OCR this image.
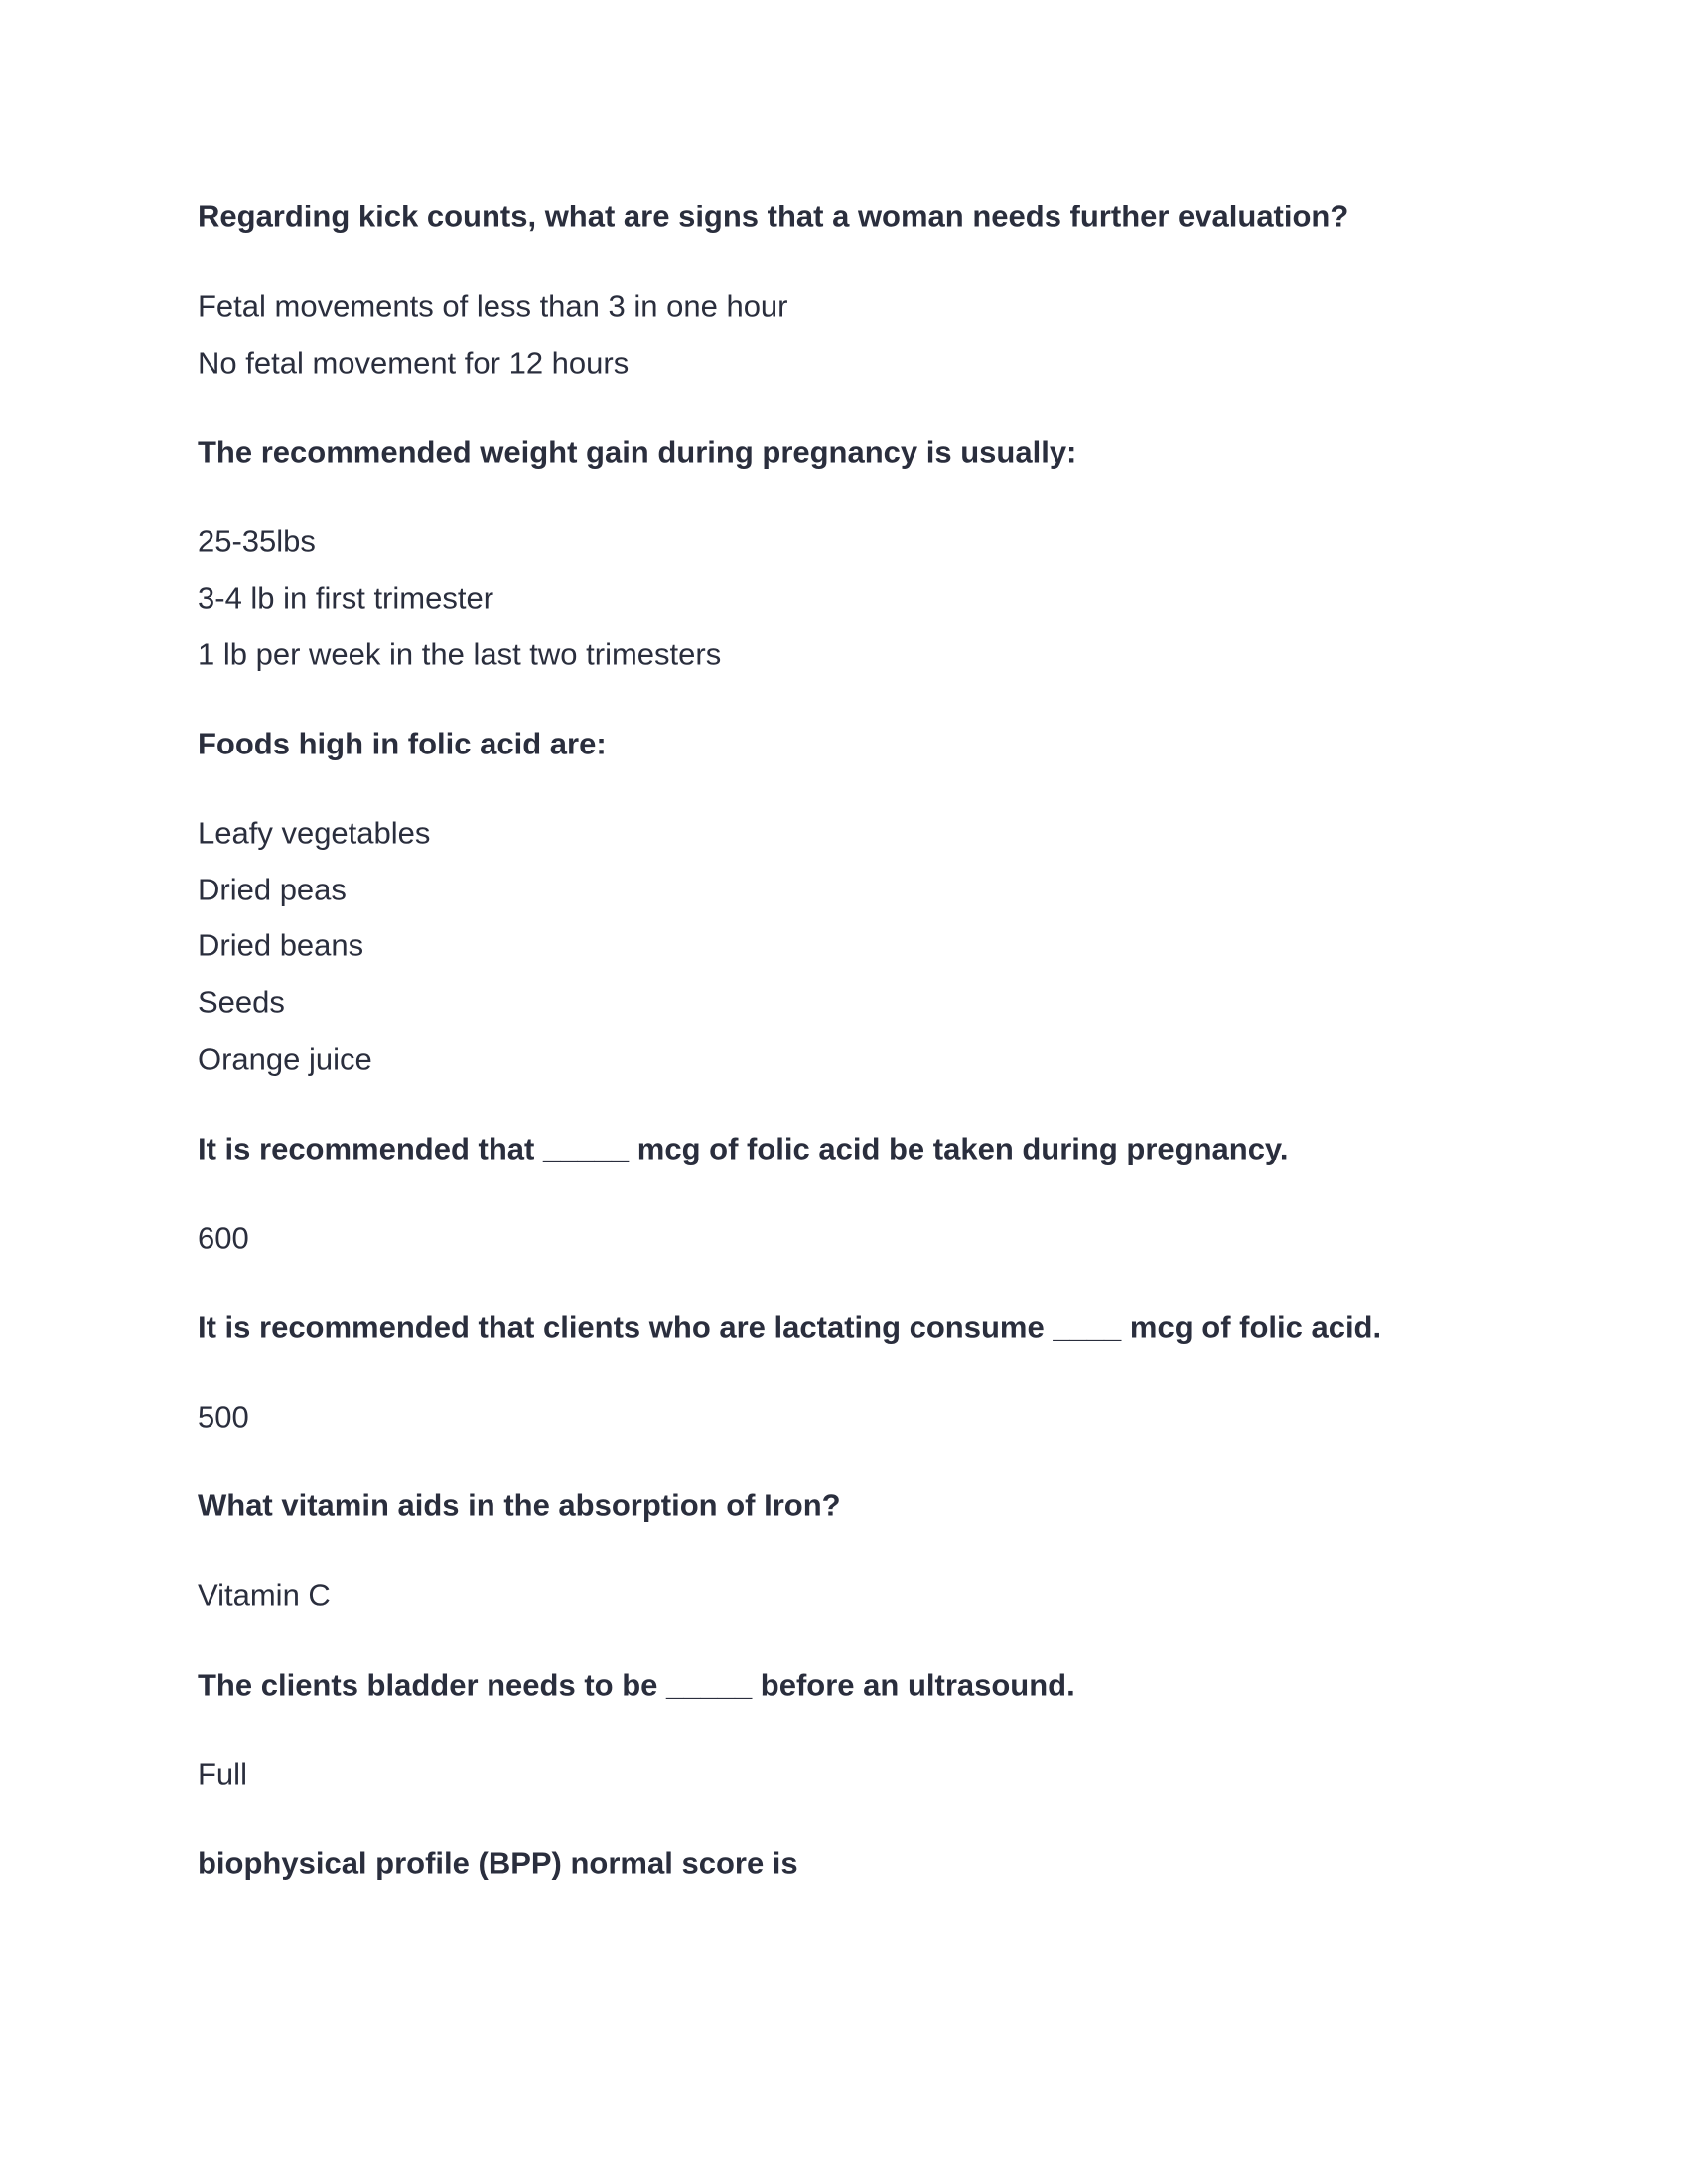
Regarding kick counts, what are signs that a woman needs further evaluation?
Fetal movements of less than 3 in one hour
No fetal movement for 12 hours
The recommended weight gain during pregnancy is usually:
25-35lbs
3-4 lb in first trimester
1 lb per week in the last two trimesters
Foods high in folic acid are:
Leafy vegetables
Dried peas
Dried beans
Seeds
Orange juice
It is recommended that _____ mcg of folic acid be taken during pregnancy.
600
It is recommended that clients who are lactating consume ____ mcg of folic acid.
500
What vitamin aids in the absorption of Iron?
Vitamin C
The clients bladder needs to be _____ before an ultrasound.
Full
biophysical profile (BPP) normal score is
